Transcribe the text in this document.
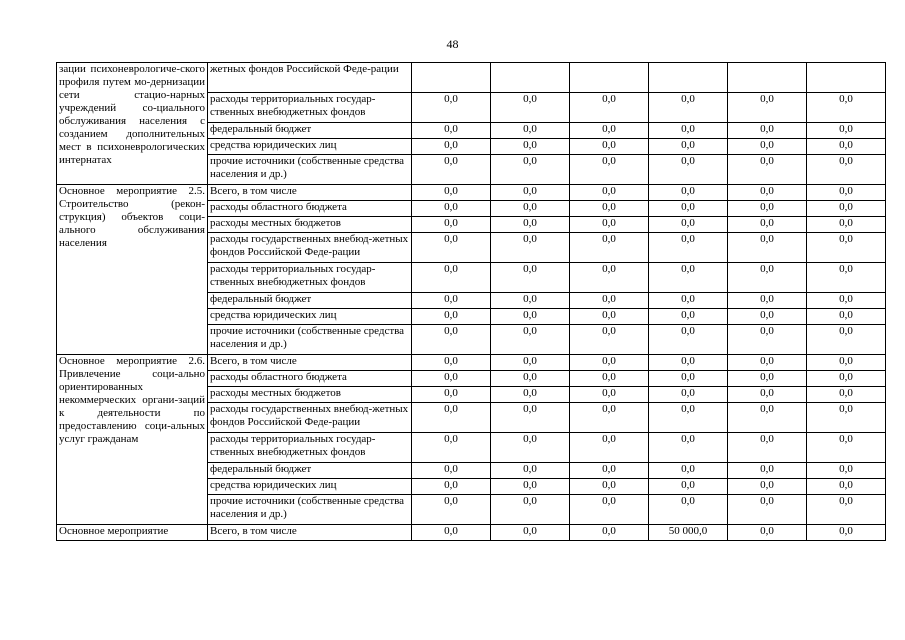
48
зации психоневрологиче-ского профиля путем мо-дернизации сети стацио-нарных учреждений со-циального обслуживания населения с созданием дополнительных мест в психоневрологических интернатах	жетных фондов Российской Феде-рации						
	расходы территориальных государ-ственных внебюджетных фондов	0,0	0,0	0,0	0,0	0,0	0,0
	федеральный бюджет	0,0	0,0	0,0	0,0	0,0	0,0
	средства юридических лиц	0,0	0,0	0,0	0,0	0,0	0,0
	прочие источники (собственные средства населения и др.)	0,0	0,0	0,0	0,0	0,0	0,0
Основное мероприятие 2.5. Строительство (рекон-струкция) объектов соци-ального обслуживания населения	Всего, в том числе	0,0	0,0	0,0	0,0	0,0	0,0
	расходы областного бюджета	0,0	0,0	0,0	0,0	0,0	0,0
	расходы местных бюджетов	0,0	0,0	0,0	0,0	0,0	0,0
	расходы государственных внебюд-жетных фондов Российской Феде-рации	0,0	0,0	0,0	0,0	0,0	0,0
	расходы территориальных государ-ственных внебюджетных фондов	0,0	0,0	0,0	0,0	0,0	0,0
	федеральный бюджет	0,0	0,0	0,0	0,0	0,0	0,0
	средства юридических лиц	0,0	0,0	0,0	0,0	0,0	0,0
	прочие источники (собственные средства населения и др.)	0,0	0,0	0,0	0,0	0,0	0,0
Основное мероприятие 2.6. Привлечение соци-ально ориентированных некоммерческих органи-заций к деятельности по предоставлению соци-альных услуг гражданам	Всего, в том числе	0,0	0,0	0,0	0,0	0,0	0,0
	расходы областного бюджета	0,0	0,0	0,0	0,0	0,0	0,0
	расходы местных бюджетов	0,0	0,0	0,0	0,0	0,0	0,0
	расходы государственных внебюд-жетных фондов Российской Феде-рации	0,0	0,0	0,0	0,0	0,0	0,0
	расходы территориальных государ-ственных внебюджетных фондов	0,0	0,0	0,0	0,0	0,0	0,0
	федеральный бюджет	0,0	0,0	0,0	0,0	0,0	0,0
	средства юридических лиц	0,0	0,0	0,0	0,0	0,0	0,0
	прочие источники (собственные средства населения и др.)	0,0	0,0	0,0	0,0	0,0	0,0
Основное мероприятие	Всего, в том числе	0,0	0,0	0,0	50 000,0	0,0	0,0
